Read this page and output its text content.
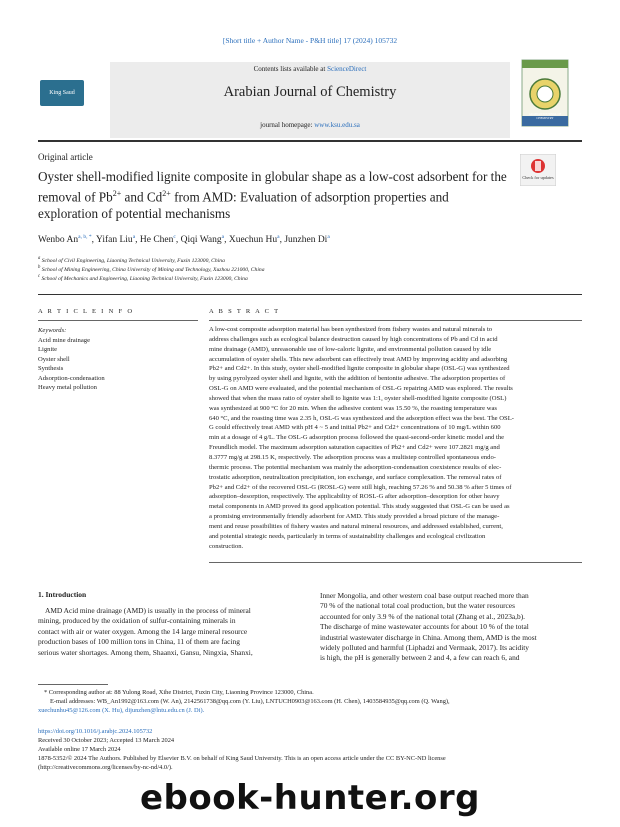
[Short title + Author Name - P&H title] 17 (2024) 105732
King Saud University
Contents lists available at ScienceDirect
Arabian Journal of Chemistry
journal homepage: www.ksu.edu.sa
ARABIAN JOURNAL OF CHEMISTRY
Original article
Oyster shell-modified lignite composite in globular shape as a low-cost adsorbent for the removal of $Pb^{2+}$ and $Cd^{2+}$ from AMD: Evaluation of adsorption properties and exploration of potential mechanisms
Check for updates
Wenbo $An^{a, b, *}$, Yifan Liu$^a$, He Chen$^c$, Qiqi Wang$^a$, Xuechun Hu$^a$, Junzhen Di$^a$
$^a$ School of Civil Engineering, Liaoning Technical University, Fuxin 123000, China
$^b$ School of Mining Engineering, China University of Mining and Technology, Xuzhou 221000, China
$^c$ School of Mechanics and Engineering, Liaoning Technical University, Fuxin 123000, China
A R T I C L E I N F O	A B S T R A C T
Keywords:
Acid mine drainage
Lignite
Oyster shell
Synthesis
Adsorption-condensation
Heavy metal pollution
A low-cost composite adsorption material has been synthesized from fishery wastes and natural minerals to
address challenges such as ecological balance destruction caused by high concentrations of Pb and Cd in acid
mine drainage (AMD), unreasonable use of low-caloric lignite, and environmental pollution caused by idle
accumulation of oyster shells. This new adsorbent can effectively treat AMD by improving acidity and adsorbing
Pb2+ and Cd2+. In this study, oyster shell-modified lignite composite in globular shape (OSL-G) was synthesized
by using pyrolyzed oyster shell and lignite, with the addition of bentonite adhesive. The adsorption properties of
OSL-G on AMD were evaluated, and the potential mechanism of OSL-G repairing AMD was explored. The results
showed that when the mass ratio of oyster shell to lignite was 1:1, oyster shell-modified lignite composite (OSL)
was synthesized at 900 °C for 20 min. When the adhesive content was 15.50 %, the roasting temperature was
640 °C, and the roasting time was 2.35 h, OSL-G was synthesized and the adsorption effect was the best. The OSL-
G could effectively treat AMD with pH 4 ~ 5 and initial Pb2+ and Cd2+ concentrations of 10 mg/L within 600
min at a dosage of 4 g/L. The OSL-G adsorption process followed the quasi-second-order kinetic model and the
Freundlich model. The maximum adsorption saturation capacities of Pb2+ and Cd2+ were 107.2821 mg/g and
8.3777 mg/g at 298.15 K, respectively. The adsorption process was a multistep controlled spontaneous endo-
thermic process. The potential mechanism was mainly the adsorption-condensation coexistence results of elec-
trostatic adsorption, neutralization precipitation, ion exchange, and surface complexation. The removal rates of
Pb2+ and Cd2+ of the recovered OSL-G (ROSL-G) were still high, reaching 57.26 % and 50.38 % after 5 times of
adsorption–desorption, respectively. The applicability of ROSL-G after adsorption–desorption for other heavy
metal components in AMD proved its good application potential. This study suggested that OSL-G can be used as
a promising environmentally friendly adsorbent for AMD. This study provided a broad picture of the manage-
ment and reuse possibilities of fishery wastes and natural mineral resources, and addressed established, current,
and potential strategic needs, particularly in terms of sustainability challenges and ecological civilization
construction.
1. Introduction
AMD Acid mine drainage (AMD) is usually in the process of mineral
mining, produced by the oxidation of sulfur-containing minerals in
contact with air or water oxygen. Among the 14 large mineral resource
production bases of 100 million tons in China, 11 of them are facing
serious water shortages. Among them, Shaanxi, Gansu, Ningxia, Shanxi,
Inner Mongolia, and other western coal base output reached more than
70 % of the national total coal production, but the water resources
accounted for only 3.9 % of the national total (Zhang et al., 2023a,b).
The discharge of mine wastewater accounts for about 10 % of the total
industrial wastewater discharge in China. Among them, AMD is the most
widely polluted and harmful (Liphadzi and Vermaak, 2017). Its acidity
is high, the pH is generally between 2 and 4, a few can reach 6, and
* Corresponding author at: 88 Yulong Road, Xihe District, Fuxin City, Liaoning Province 123000, China.
E-mail addresses: WB_An1992@163.com (W. An), 2142561738@qq.com (Y. Liu), LNTUCH0903@163.com (H. Chen), 1403584935@qq.com (Q. Wang),
xuechunhu45@126.com (X. Hu), dijunzhen@lntu.edu.cn (J. Di).
https://doi.org/10.1016/j.arabjc.2024.105732
Received 30 October 2023; Accepted 13 March 2024
Available online 17 March 2024
1878-5352/© 2024 The Authors. Published by Elsevier B.V. on behalf of King Saud University. This is an open access article under the CC BY-NC-ND license
(http://creativecommons.org/licenses/by-nc-nd/4.0/).
ebook-hunter.org
